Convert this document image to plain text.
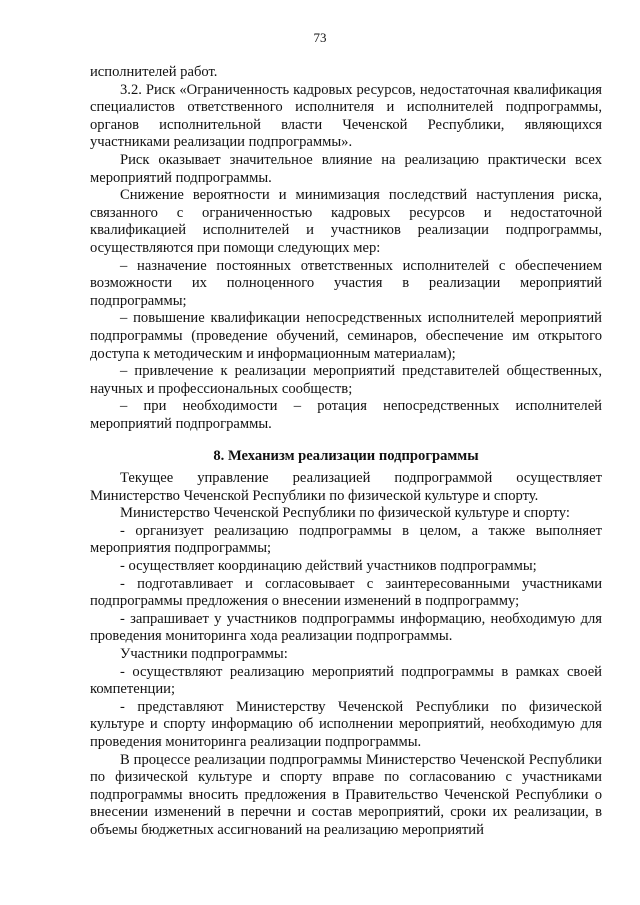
73

исполнителей работ.

3.2. Риск «Ограниченность кадровых ресурсов, недостаточная квалификация специалистов ответственного исполнителя и исполнителей подпрограммы, органов исполнительной власти Чеченской Республики, являющихся участниками реализации подпрограммы».

Риск оказывает значительное влияние на реализацию практически всех мероприятий подпрограммы.

Снижение вероятности и минимизация последствий наступления риска, связанного с ограниченностью кадровых ресурсов и недостаточной квалификацией исполнителей и участников реализации подпрограммы, осуществляются при помощи следующих мер:

– назначение постоянных ответственных исполнителей с обеспечением возможности их полноценного участия в реализации мероприятий подпрограммы;

– повышение квалификации непосредственных исполнителей мероприятий подпрограммы (проведение обучений, семинаров, обеспечение им открытого доступа к методическим и информационным материалам);

– привлечение к реализации мероприятий представителей общественных, научных и профессиональных сообществ;

– при необходимости – ротация непосредственных исполнителей мероприятий подпрограммы.

8. Механизм реализации подпрограммы

Текущее управление реализацией подпрограммой осуществляет Министерство Чеченской Республики по физической культуре и спорту.

Министерство Чеченской Республики по физической культуре и спорту:

- организует реализацию подпрограммы в целом, а также выполняет мероприятия подпрограммы;

- осуществляет координацию действий участников подпрограммы;

- подготавливает и согласовывает с заинтересованными участниками подпрограммы предложения о внесении изменений в подпрограмму;

- запрашивает у участников подпрограммы информацию, необходимую для проведения мониторинга хода реализации подпрограммы.

Участники подпрограммы:

- осуществляют реализацию мероприятий подпрограммы в рамках своей компетенции;

- представляют Министерству Чеченской Республики по физической культуре и спорту информацию об исполнении мероприятий, необходимую для проведения мониторинга реализации подпрограммы.

В процессе реализации подпрограммы Министерство Чеченской Республики по физической культуре и спорту вправе по согласованию с участниками подпрограммы вносить предложения в Правительство Чеченской Республики о внесении изменений в перечни и состав мероприятий, сроки их реализации, в объемы бюджетных ассигнований на реализацию мероприятий
